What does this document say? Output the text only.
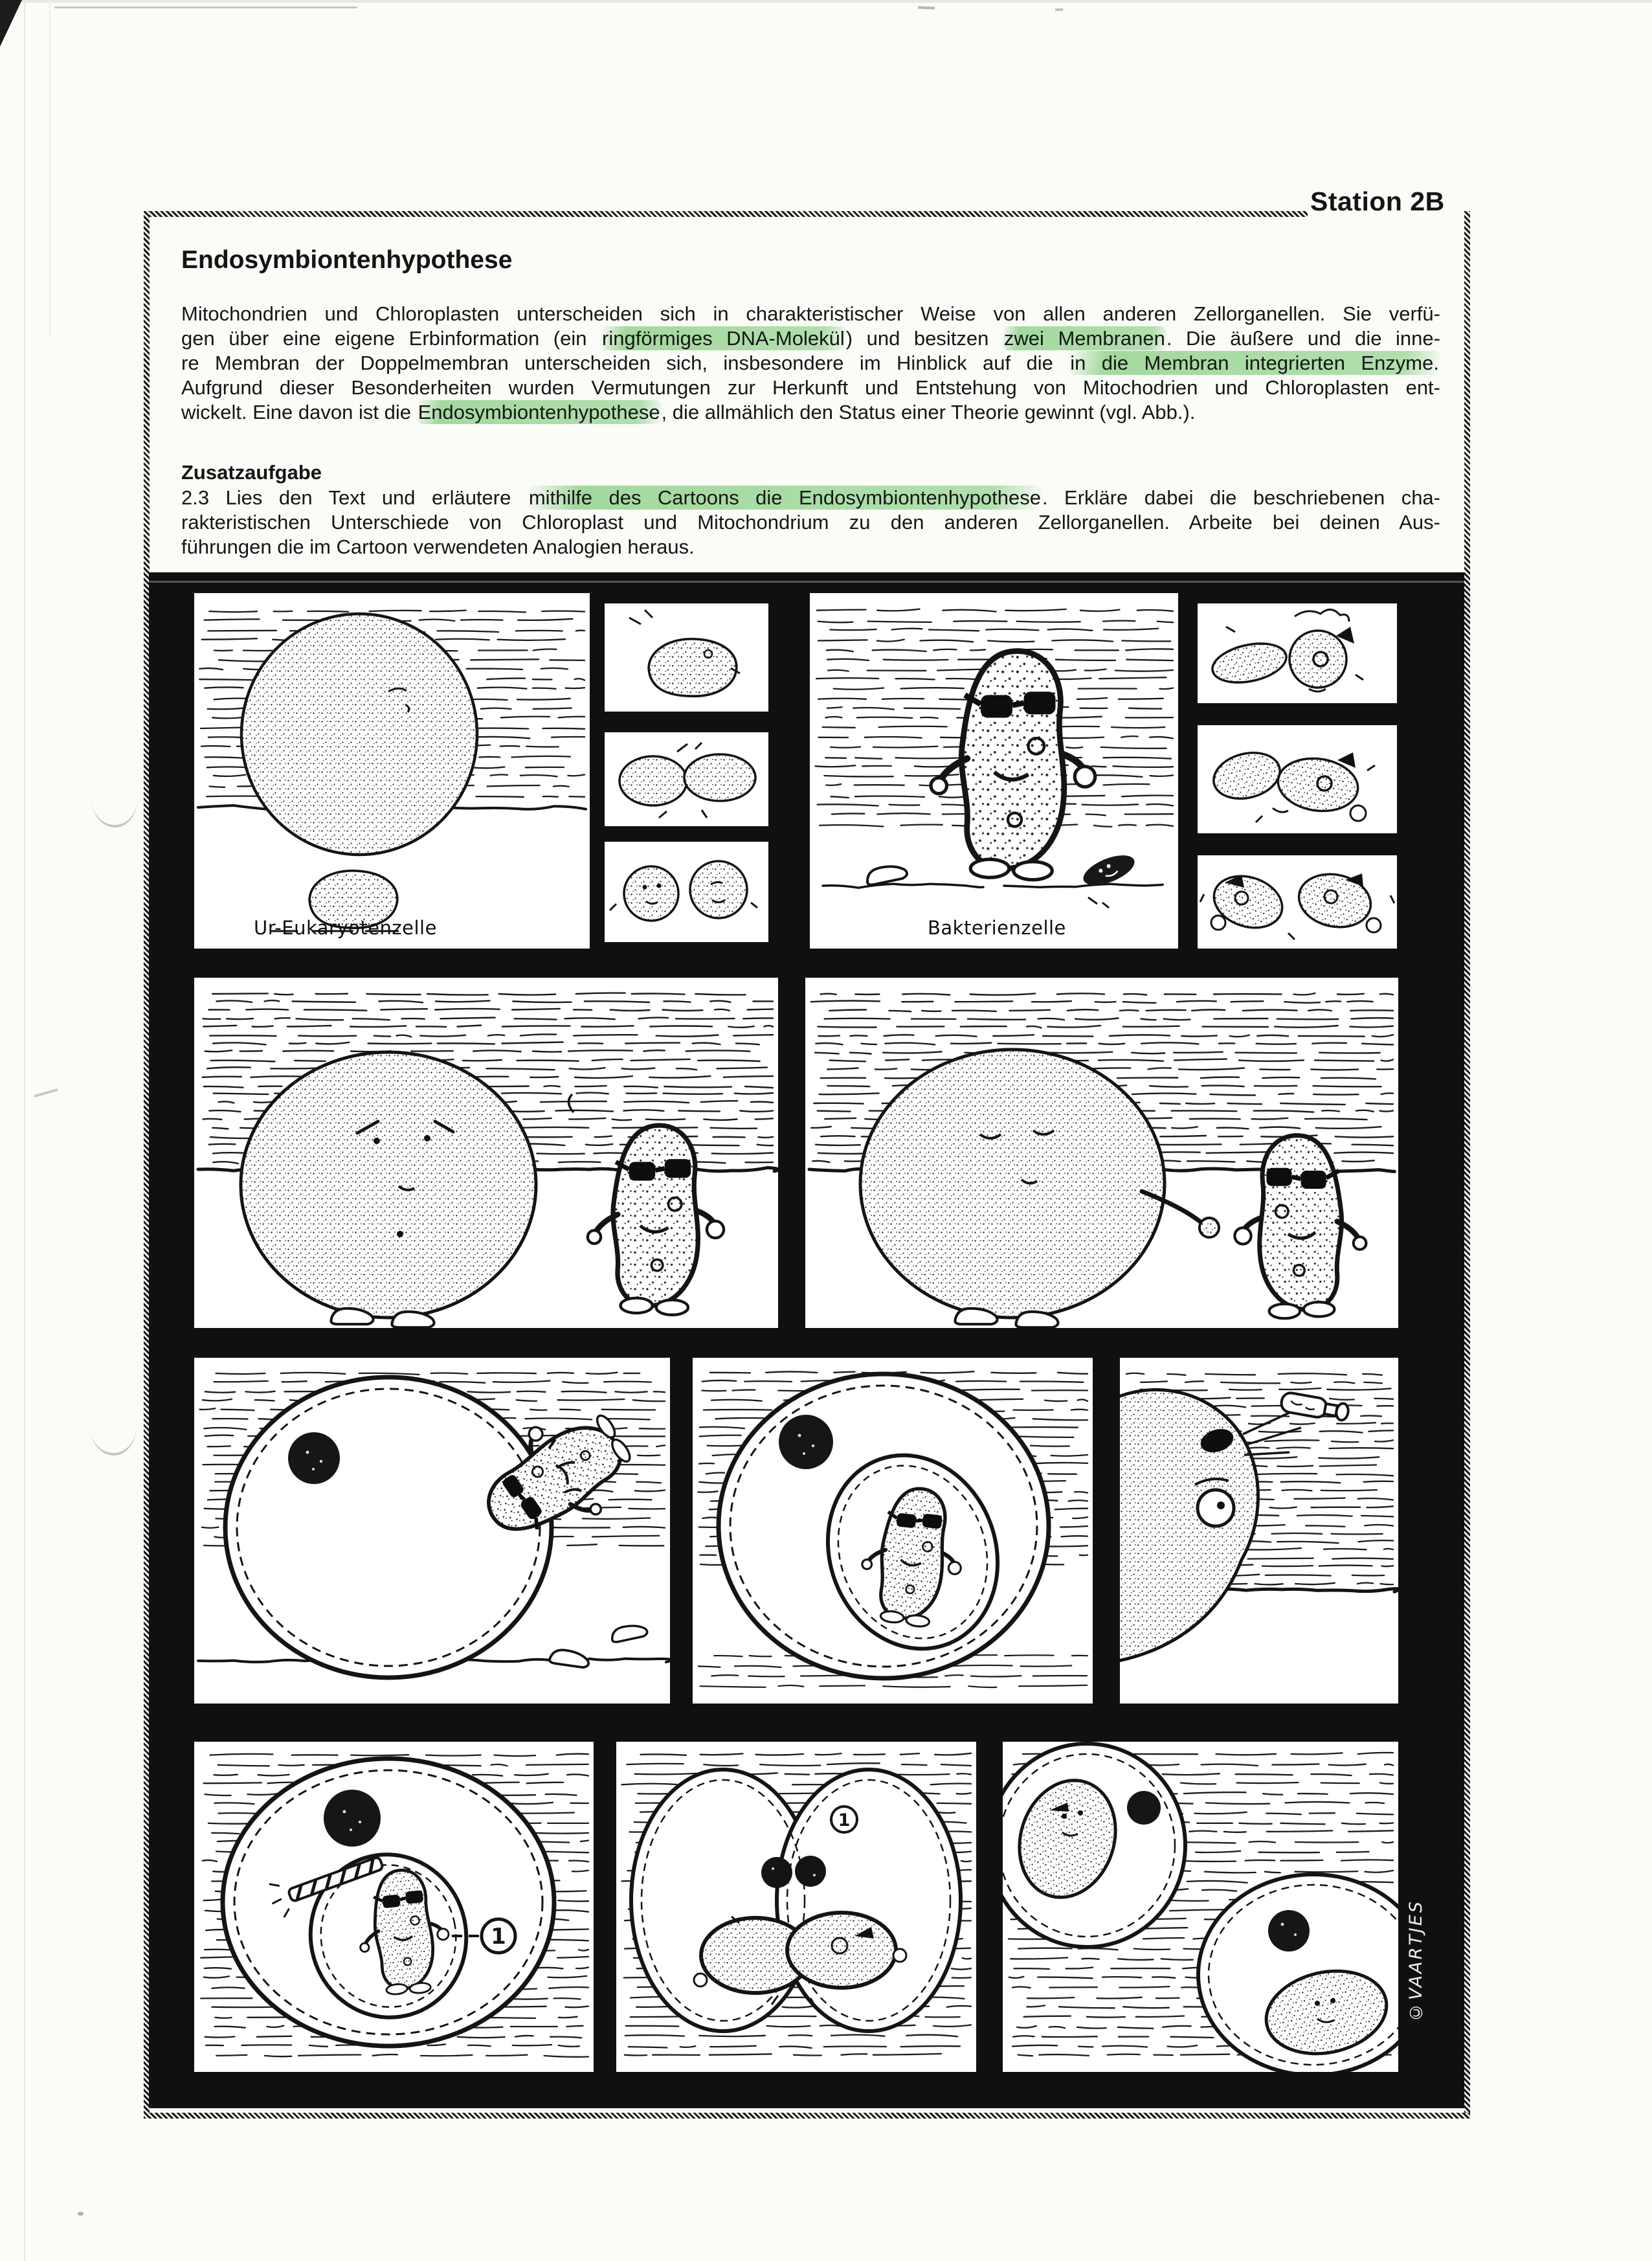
Station 2B
Endosymbiontenhypothese
Mitochondrien und Chloroplasten unterscheiden sich in charakteristischer Weise von allen anderen Zellorganellen. Sie verfü-
gen über eine eigene Erbinformation (ein ringförmiges DNA-Molekül) und besitzen zwei Membranen. Die äußere und die inne-
re Membran der Doppelmembran unterscheiden sich, insbesondere im Hinblick auf die in die Membran integrierten Enzyme.
Aufgrund dieser Besonderheiten wurden Vermutungen zur Herkunft und Entstehung von Mitochodrien und Chloroplasten ent-
wickelt. Eine davon ist die Endosymbiontenhypothese, die allmählich den Status einer Theorie gewinnt (vgl. Abb.).
Zusatzaufgabe
2.3 Lies den Text und erläutere mithilfe des Cartoons die Endosymbiontenhypothese. Erkläre dabei die beschriebenen cha-
rakteristischen Unterschiede von Chloroplast und Mitochondrium zu den anderen Zellorganellen. Arbeite bei deinen Aus-
führungen die im Cartoon verwendeten Analogien heraus.
Ur-Eukaryotenzelle	Bakterienzelle
1
1
©VAARTJES
